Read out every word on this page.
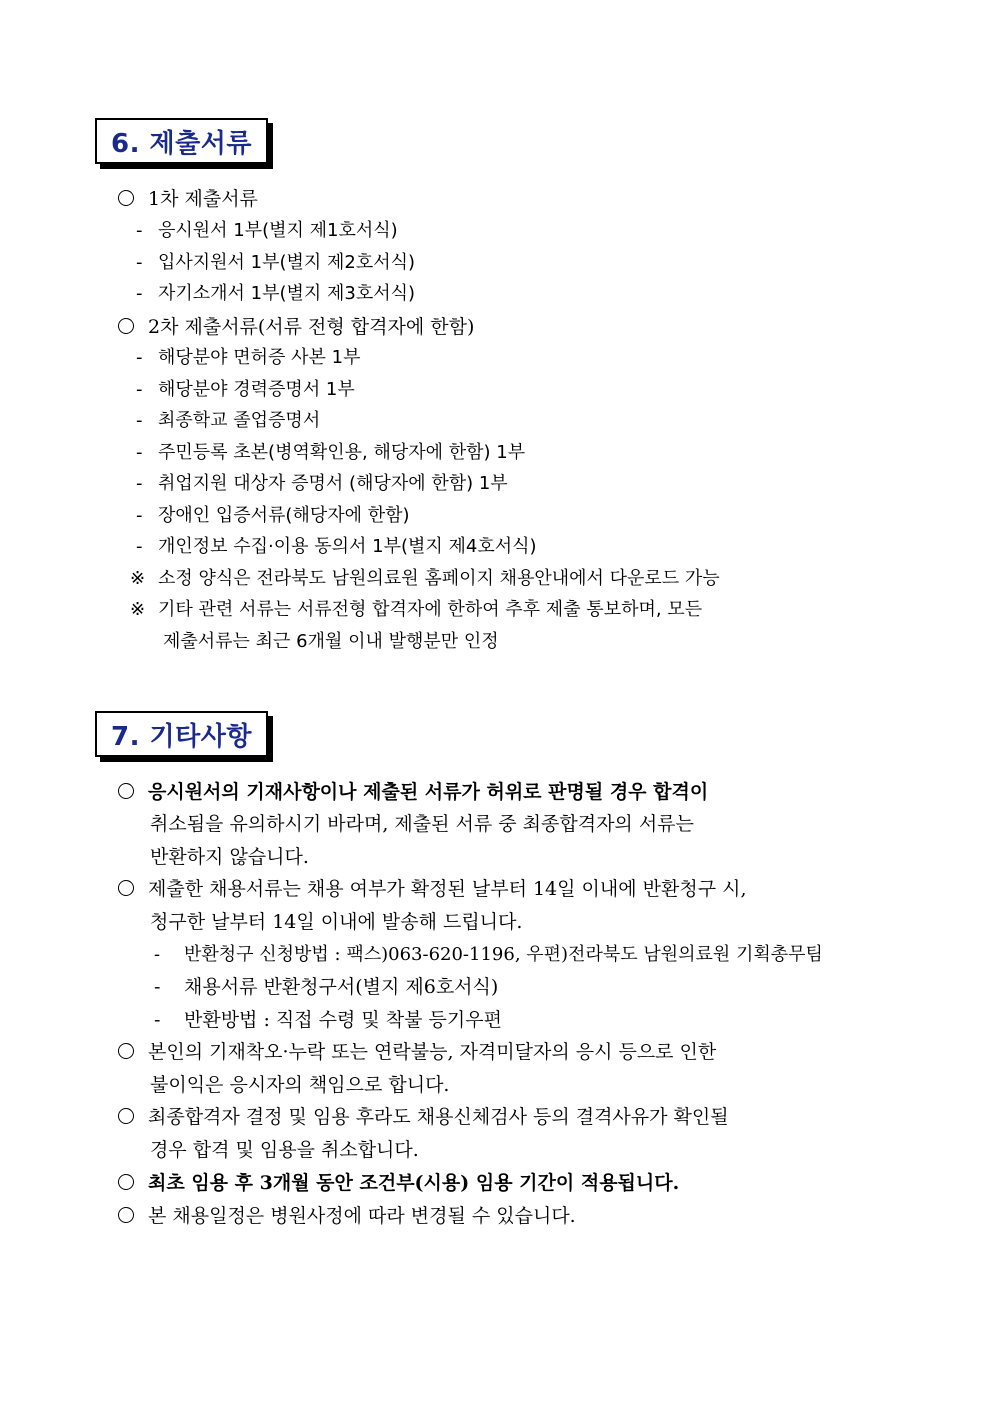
6. 제출서류
1차 제출서류
- 응시원서 1부(별지 제1호서식)
- 입사지원서 1부(별지 제2호서식)
- 자기소개서 1부(별지 제3호서식)
2차 제출서류(서류 전형 합격자에 한함)
- 해당분야 면허증 사본 1부
- 해당분야 경력증명서 1부
- 최종학교 졸업증명서
- 주민등록 초본(병역확인용, 해당자에 한함) 1부
- 취업지원 대상자 증명서 (해당자에 한함) 1부
- 장애인 입증서류(해당자에 한함)
- 개인정보 수집·이용 동의서 1부(별지 제4호서식)
※ 소정 양식은 전라북도 남원의료원 홈페이지 채용안내에서 다운로드 가능
※ 기타 관련 서류는 서류전형 합격자에 한하여 추후 제출 통보하며, 모든
제출서류는 최근 6개월 이내 발행분만 인정
7. 기타사항
응시원서의 기재사항이나 제출된 서류가 허위로 판명될 경우 합격이
취소됨을 유의하시기 바라며, 제출된 서류 중 최종합격자의 서류는
반환하지 않습니다.
제출한 채용서류는 채용 여부가 확정된 날부터 14일 이내에 반환청구 시,
청구한 날부터 14일 이내에 발송해 드립니다.
- 반환청구 신청방법 : 팩스)063-620-1196, 우편)전라북도 남원의료원 기획총무팀
- 채용서류 반환청구서(별지 제6호서식)
- 반환방법 : 직접 수령 및 착불 등기우편
본인의 기재착오·누락 또는 연락불능, 자격미달자의 응시 등으로 인한
불이익은 응시자의 책임으로 합니다.
최종합격자 결정 및 임용 후라도 채용신체검사 등의 결격사유가 확인될
경우 합격 및 임용을 취소합니다.
최초 임용 후 3개월 동안 조건부(시용) 임용 기간이 적용됩니다.
본 채용일정은 병원사정에 따라 변경될 수 있습니다.
